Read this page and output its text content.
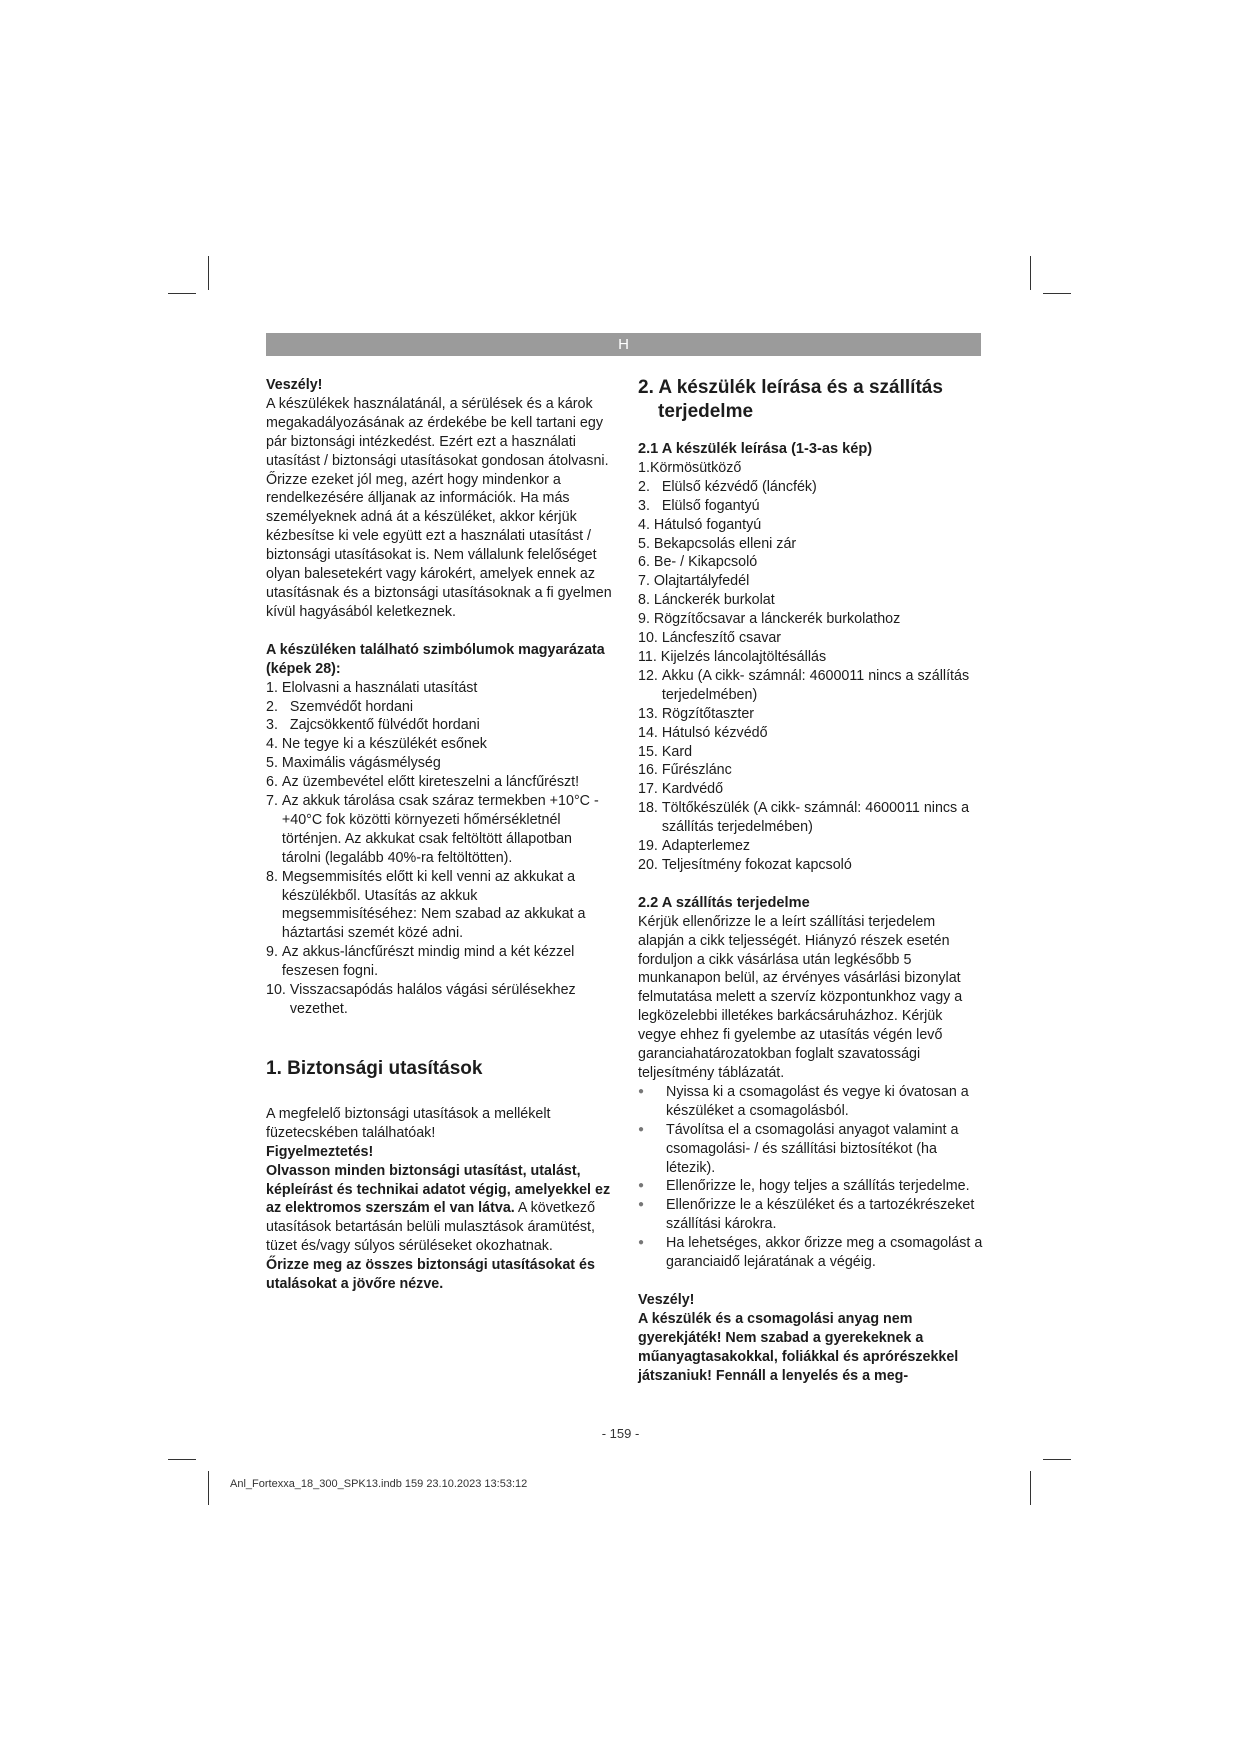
H

Veszély!

A készülékek használatánál, a sérülések és a károk megakadályozásának az érdekébe be kell tartani egy pár biztonsági intézkedést. Ezért ezt a használati utasítást / biztonsági utasításokat gondosan átolvasni. Őrizze ezeket jól meg, azért hogy mindenkor a rendelkezésére álljanak az információk. Ha más személyeknek adná át a készüléket, akkor kérjük kézbesítse ki vele együtt ezt a használati utasítást / biztonsági utasításokat is. Nem vállalunk felelőséget olyan balesetekért vagy károkért, amelyek ennek az utasításnak és a biztonsági utasításoknak a fi gyelmen kívül hagyásából keletkeznek.

A készüléken található szimbólumok magyarázata (képek 28):

1. Elolvasni a használati utasítást
2. Szemvédőt hordani
3. Zajcsökkentő fülvédőt hordani
4. Ne tegye ki a készülékét esőnek
5. Maximális vágásmélység
6. Az üzembevétel előtt kireteszelni a láncfűrészt!
7. Az akkuk tárolása csak száraz termekben +10°C - +40°C fok közötti környezeti hőmérsékletnél történjen. Az akkukat csak feltöltött állapotban tárolni (legalább 40%-ra feltöltötten).
8. Megsemmisítés előtt ki kell venni az akkukat a készülékből. Utasítás az akkuk megsemmisítéséhez: Nem szabad az akkukat a háztartási szemét közé adni.
9. Az akkus-láncfűrészt mindig mind a két kézzel feszesen fogni.
10. Visszacsapódás halálos vágási sérülésekhez vezethet.

1. Biztonsági utasítások

A megfelelő biztonsági utasítások a mellékelt füzetecskében találhatóak!

Figyelmeztetés!

Olvasson minden biztonsági utasítást, utalást, képleírást és technikai adatot végig, amelyekkel ez az elektromos szerszám el van látva. A következő utasítások betartásán belüli mulasztások áramütést, tüzet és/vagy súlyos sérüléseket okozhatnak.

Őrizze meg az összes biztonsági utasításokat és utalásokat a jövőre nézve.

2. A készülék leírása és a szállítás
terjedelme

2.1 A készülék leírása (1-3-as kép)

1. Körmösütköző
2. Elülső kézvédő (láncfék)
3. Elülső fogantyú
4. Hátulsó fogantyú
5. Bekapcsolás elleni zár
6. Be- / Kikapcsoló
7. Olajtartályfedél
8. Lánckerék burkolat
9. Rögzítőcsavar a lánckerék burkolathoz
10. Láncfeszítő csavar
11. Kijelzés láncolajtöltésállás
12. Akku (A cikk- számnál: 4600011 nincs a szállítás terjedelmében)
13. Rögzítőtaszter
14. Hátulsó kézvédő
15. Kard
16. Fűrészlánc
17. Kardvédő
18. Töltőkészülék (A cikk- számnál: 4600011 nincs a szállítás terjedelmében)
19. Adapterlemez
20. Teljesítmény fokozat kapcsoló

2.2 A szállítás terjedelme

Kérjük ellenőrizze le a leírt szállítási terjedelem alapján a cikk teljességét. Hiányzó részek esetén forduljon a cikk vásárlása után legkésőbb 5 munkanapon belül, az érvényes vásárlási bizonylat felmutatása melett a szervíz központunkhoz vagy a legközelebbi illetékes barkácsáruházhoz. Kérjük vegye ehhez fi gyelembe az utasítás végén levő garanciahatározatokban foglalt szavatossági teljesítmény táblázatát.

●	Nyissa ki a csomagolást és vegye ki óvatosan a készüléket a csomagolásból.
●	Távolítsa el a csomagolási anyagot valamint a csomagolási- / és szállítási biztosítékot (ha létezik).
●	Ellenőrizze le, hogy teljes a szállítás terjedelme.
●	Ellenőrizze le a készüléket és a tartozékrészeket szállítási károkra.
●	Ha lehetséges, akkor őrizze meg a csomagolást a garanciaidő lejáratának a végéig.

Veszély!

A készülék és a csomagolási anyag nem gyerekjáték! Nem szabad a gyerekeknek a műanyagtasakokkal, foliákkal és aprórészekkel játszaniuk! Fennáll a lenyelés és a meg-

- 159 -
Anl_Fortexxa_18_300_SPK13.indb 159 23.10.2023 13:53:12
